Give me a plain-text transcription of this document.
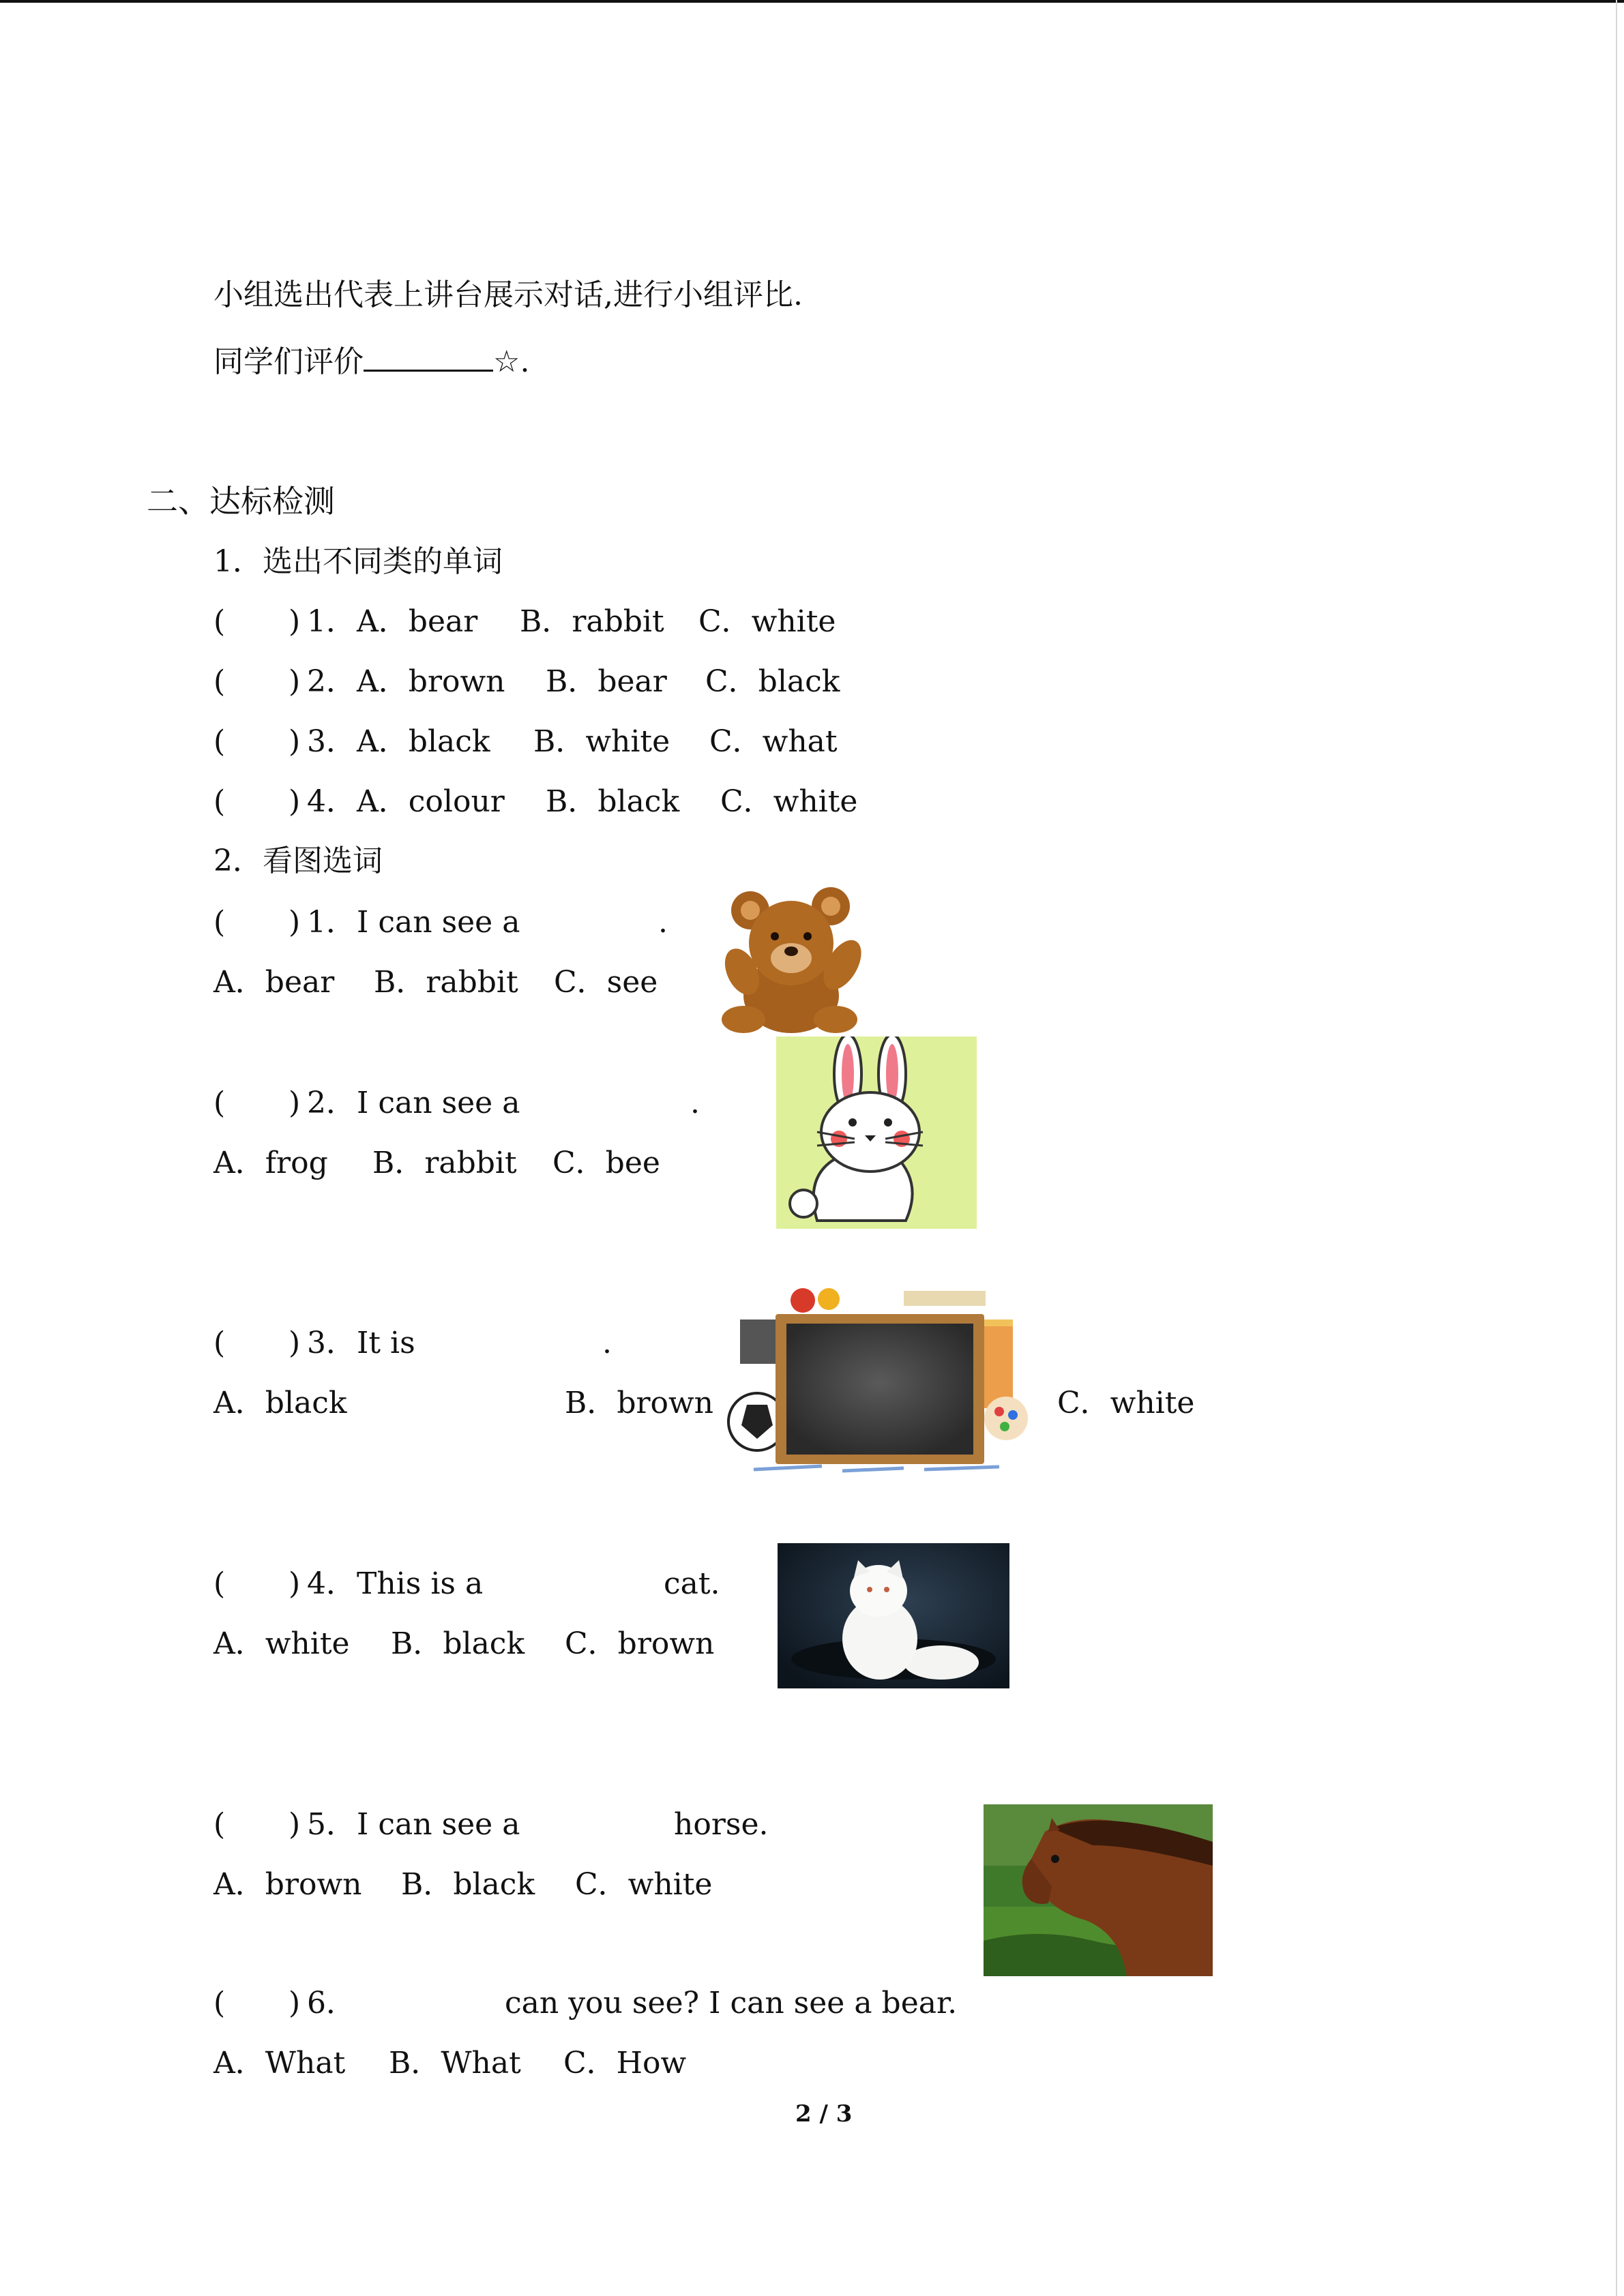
小组选出代表上讲台展示对话,进行小组评比.
同学们评价	☆.
二、达标检测
1．选出不同类的单词
( ) 1． A．bear B．rabbit C．white
( ) 2． A．brown B．bear C．black
( ) 3． A．black B．white C．what
( ) 4． A．colour B．black C．white
2．看图选词
( ) 1． I can see a	.
A．bear B．rabbit C．see
( ) 2． I can see a	.
A．frog B．rabbit C．bee
( ) 3． It is	.
A．black	B．brown	C．white
( ) 4． This is a	cat.
A．white B．black C．brown
( ) 5． I can see a	horse.
A．brown B．black C．white
( ) 6．	can you see? I can see a bear.
A．What B．What C．How
2 / 3
